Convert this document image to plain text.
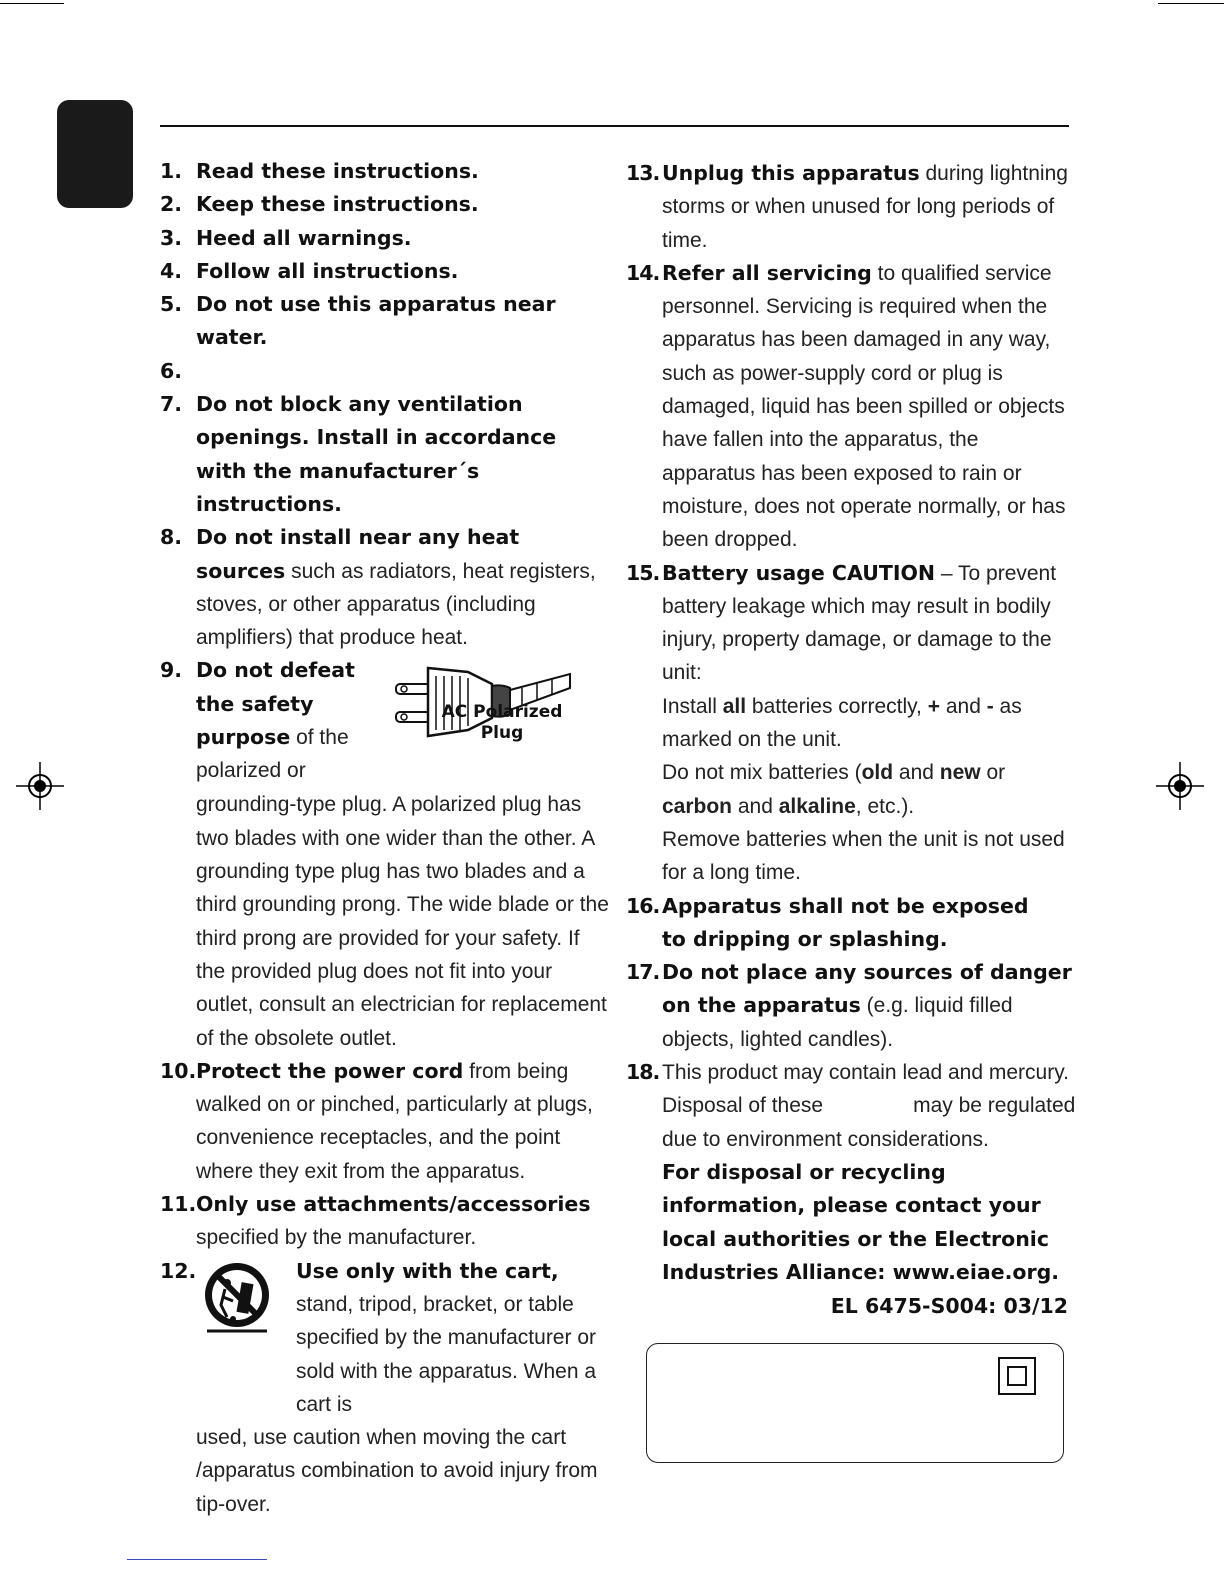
1. Read these instructions.
2. Keep these instructions.
3. Heed all warnings.
4. Follow all instructions.
5. Do not use this apparatus near water.
6.

7. Do not block any ventilation openings. Install in accordance with the manufacturer´s instructions.
8. Do not install near any heat sources such as radiators, heat registers, stoves, or other apparatus (including amplifiers) that produce heat.
9. Do not defeat the safety purpose of the polarized or
AC Polarized
Plug
grounding-type plug. A polarized plug has two blades with one wider than the other. A grounding type plug has two blades and a third grounding prong. The wide blade or the third prong are provided for your safety. If the provided plug does not fit into your outlet, consult an electrician for replacement of the obsolete outlet.
10. Protect the power cord from being walked on or pinched, particularly at plugs, convenience receptacles, and the point where they exit from the apparatus.
11. Only use attachments/accessories specified by the manufacturer.
12.	Use only with the cart, stand, tripod, bracket, or table specified by the manufacturer or sold with the apparatus. When a cart is
used, use caution when moving the cart /apparatus combination to avoid injury from tip-over.
13. Unplug this apparatus during lightning storms or when unused for long periods of time.
14. Refer all servicing to qualified service personnel. Servicing is required when the apparatus has been damaged in any way, such as power-supply cord or plug is damaged, liquid has been spilled or objects have fallen into the apparatus, the apparatus has been exposed to rain or moisture, does not operate normally, or has been dropped.
15. Battery usage CAUTION – To prevent battery leakage which may result in bodily injury, property damage, or damage to the unit:
Install all batteries correctly, + and - as marked on the unit.
Do not mix batteries (old and new or carbon and alkaline, etc.).
Remove batteries when the unit is not used for a long time.
16. Apparatus shall not be exposed to dripping or splashing.
17. Do not place any sources of danger on the apparatus (e.g. liquid filled objects, lighted candles).
18. This product may contain lead and mercury. Disposal of these	may be regulated due to environment considerations.
For disposal or recycling information, please contact your local authorities or the Electronic Industries Alliance: www.eiae.org.
EL 6475-S004: 03/12
